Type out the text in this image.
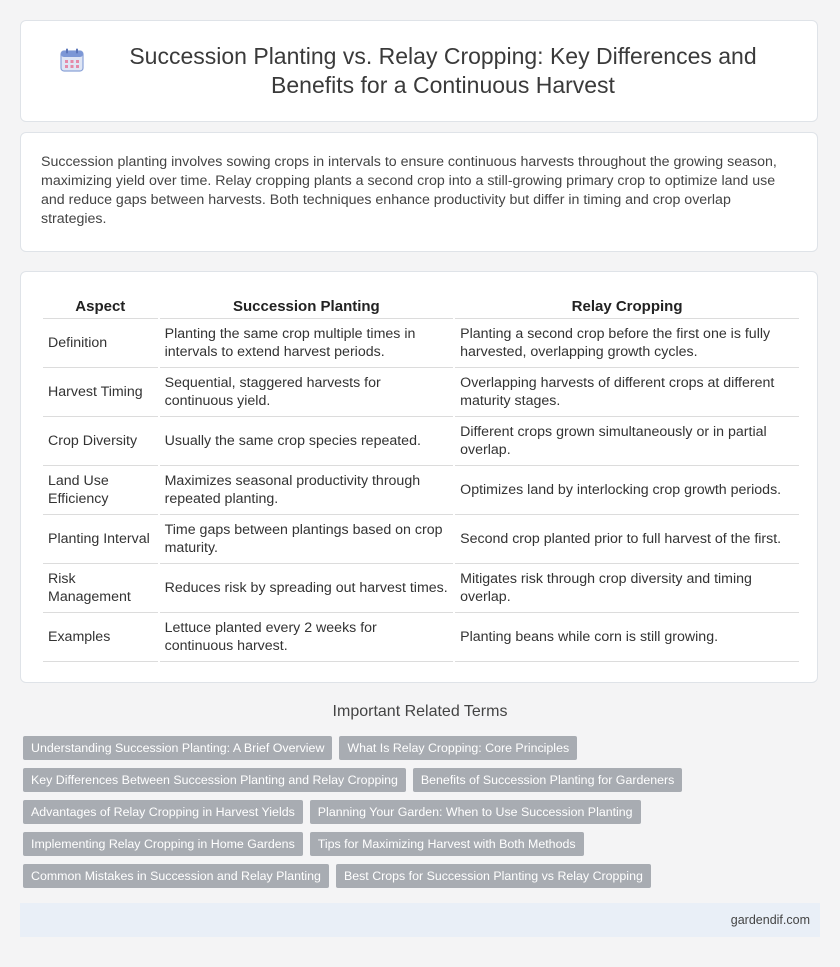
Succession Planting vs. Relay Cropping: Key Differences and Benefits for a Continuous Harvest

Succession planting involves sowing crops in intervals to ensure continuous harvests throughout the growing season, maximizing yield over time. Relay cropping plants a second crop into a still-growing primary crop to optimize land use and reduce gaps between harvests. Both techniques enhance productivity but differ in timing and crop overlap strategies.

Aspect	Succession Planting	Relay Cropping
Definition	Planting the same crop multiple times in intervals to extend harvest periods.	Planting a second crop before the first one is fully harvested, overlapping growth cycles.
Harvest Timing	Sequential, staggered harvests for continuous yield.	Overlapping harvests of different crops at different maturity stages.
Crop Diversity	Usually the same crop species repeated.	Different crops grown simultaneously or in partial overlap.
Land Use Efficiency	Maximizes seasonal productivity through repeated planting.	Optimizes land by interlocking crop growth periods.
Planting Interval	Time gaps between plantings based on crop maturity.	Second crop planted prior to full harvest of the first.
Risk Management	Reduces risk by spreading out harvest times.	Mitigates risk through crop diversity and timing overlap.
Examples	Lettuce planted every 2 weeks for continuous harvest.	Planting beans while corn is still growing.
Important Related Terms
Understanding Succession Planting: A Brief Overview	What Is Relay Cropping: Core Principles
Key Differences Between Succession Planting and Relay Cropping	Benefits of Succession Planting for Gardeners
Advantages of Relay Cropping in Harvest Yields	Planning Your Garden: When to Use Succession Planting
Implementing Relay Cropping in Home Gardens	Tips for Maximizing Harvest with Both Methods
Common Mistakes in Succession and Relay Planting	Best Crops for Succession Planting vs Relay Cropping
gardendif.com
